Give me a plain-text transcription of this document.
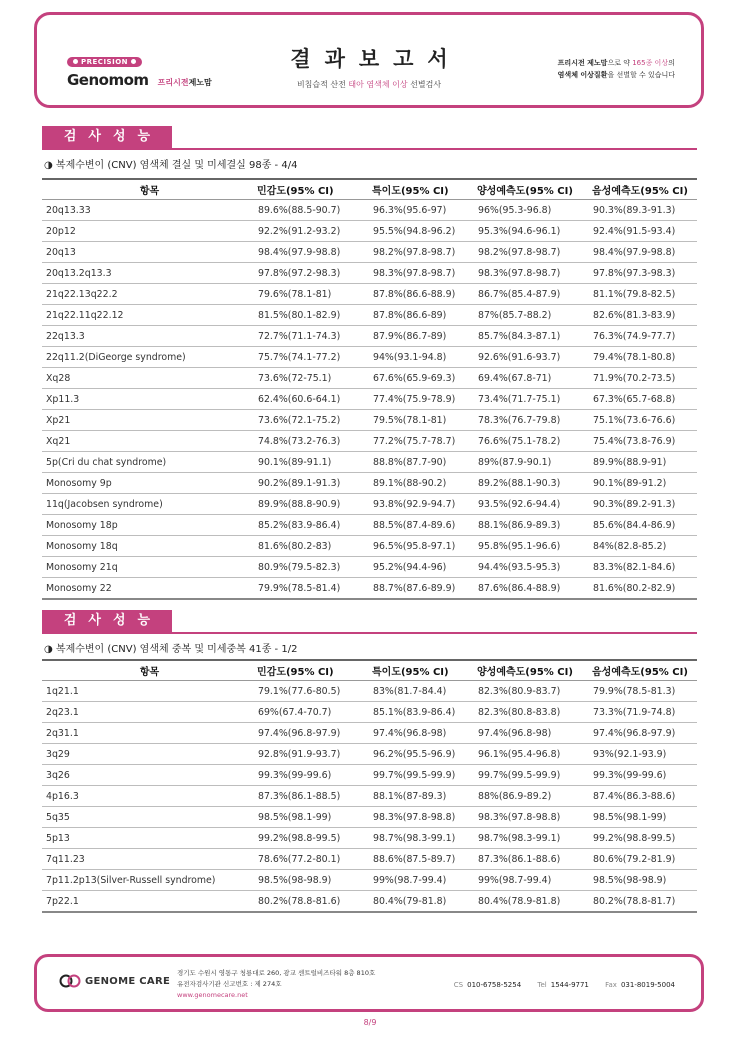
PRECISION
Genomom 프리시젼제노맘
결과보고서
비침습적 산전 태아 염색체 이상 선별검사
프리시전 제노맘으로 약 165종 이상의
염색체 이상질환을 선별할 수 있습니다
검사성능
◑ 복제수변이 (CNV) 염색체 결실 및 미세결실 98종 - 4/4
항목	민감도(95% CI)	특이도(95% CI)	양성예측도(95% CI)	음성예측도(95% CI)
20q13.33	89.6%(88.5-90.7)	96.3%(95.6-97)	96%(95.3-96.8)	90.3%(89.3-91.3)
20p12	92.2%(91.2-93.2)	95.5%(94.8-96.2)	95.3%(94.6-96.1)	92.4%(91.5-93.4)
20q13	98.4%(97.9-98.8)	98.2%(97.8-98.7)	98.2%(97.8-98.7)	98.4%(97.9-98.8)
20q13.2q13.3	97.8%(97.2-98.3)	98.3%(97.8-98.7)	98.3%(97.8-98.7)	97.8%(97.3-98.3)
21q22.13q22.2	79.6%(78.1-81)	87.8%(86.6-88.9)	86.7%(85.4-87.9)	81.1%(79.8-82.5)
21q22.11q22.12	81.5%(80.1-82.9)	87.8%(86.6-89)	87%(85.7-88.2)	82.6%(81.3-83.9)
22q13.3	72.7%(71.1-74.3)	87.9%(86.7-89)	85.7%(84.3-87.1)	76.3%(74.9-77.7)
22q11.2(DiGeorge syndrome)	75.7%(74.1-77.2)	94%(93.1-94.8)	92.6%(91.6-93.7)	79.4%(78.1-80.8)
Xq28	73.6%(72-75.1)	67.6%(65.9-69.3)	69.4%(67.8-71)	71.9%(70.2-73.5)
Xp11.3	62.4%(60.6-64.1)	77.4%(75.9-78.9)	73.4%(71.7-75.1)	67.3%(65.7-68.8)
Xp21	73.6%(72.1-75.2)	79.5%(78.1-81)	78.3%(76.7-79.8)	75.1%(73.6-76.6)
Xq21	74.8%(73.2-76.3)	77.2%(75.7-78.7)	76.6%(75.1-78.2)	75.4%(73.8-76.9)
5p(Cri du chat syndrome)	90.1%(89-91.1)	88.8%(87.7-90)	89%(87.9-90.1)	89.9%(88.9-91)
Monosomy 9p	90.2%(89.1-91.3)	89.1%(88-90.2)	89.2%(88.1-90.3)	90.1%(89-91.2)
11q(Jacobsen syndrome)	89.9%(88.8-90.9)	93.8%(92.9-94.7)	93.5%(92.6-94.4)	90.3%(89.2-91.3)
Monosomy 18p	85.2%(83.9-86.4)	88.5%(87.4-89.6)	88.1%(86.9-89.3)	85.6%(84.4-86.9)
Monosomy 18q	81.6%(80.2-83)	96.5%(95.8-97.1)	95.8%(95.1-96.6)	84%(82.8-85.2)
Monosomy 21q	80.9%(79.5-82.3)	95.2%(94.4-96)	94.4%(93.5-95.3)	83.3%(82.1-84.6)
Monosomy 22	79.9%(78.5-81.4)	88.7%(87.6-89.9)	87.6%(86.4-88.9)	81.6%(80.2-82.9)
검사성능
◑ 복제수변이 (CNV) 염색체 중복 및 미세중복 41종 - 1/2
항목	민감도(95% CI)	특이도(95% CI)	양성예측도(95% CI)	음성예측도(95% CI)
1q21.1	79.1%(77.6-80.5)	83%(81.7-84.4)	82.3%(80.9-83.7)	79.9%(78.5-81.3)
2q23.1	69%(67.4-70.7)	85.1%(83.9-86.4)	82.3%(80.8-83.8)	73.3%(71.9-74.8)
2q31.1	97.4%(96.8-97.9)	97.4%(96.8-98)	97.4%(96.8-98)	97.4%(96.8-97.9)
3q29	92.8%(91.9-93.7)	96.2%(95.5-96.9)	96.1%(95.4-96.8)	93%(92.1-93.9)
3q26	99.3%(99-99.6)	99.7%(99.5-99.9)	99.7%(99.5-99.9)	99.3%(99-99.6)
4p16.3	87.3%(86.1-88.5)	88.1%(87-89.3)	88%(86.9-89.2)	87.4%(86.3-88.6)
5q35	98.5%(98.1-99)	98.3%(97.8-98.8)	98.3%(97.8-98.8)	98.5%(98.1-99)
5p13	99.2%(98.8-99.5)	98.7%(98.3-99.1)	98.7%(98.3-99.1)	99.2%(98.8-99.5)
7q11.23	78.6%(77.2-80.1)	88.6%(87.5-89.7)	87.3%(86.1-88.6)	80.6%(79.2-81.9)
7p11.2p13(Silver-Russell syndrome)	98.5%(98-98.9)	99%(98.7-99.4)	99%(98.7-99.4)	98.5%(98-98.9)
7p22.1	80.2%(78.8-81.6)	80.4%(79-81.8)	80.4%(78.9-81.8)	80.2%(78.8-81.7)
GENOME CARE
경기도 수원시 영통구 청룡대로 260, 광교 센트럴비즈타워 8층 810호
유전자검사기관 신고번호 : 제 274호
www.genomecare.net
CS 010-6758-5254 Tel 1544-9771 Fax 031-8019-5004
8/9
